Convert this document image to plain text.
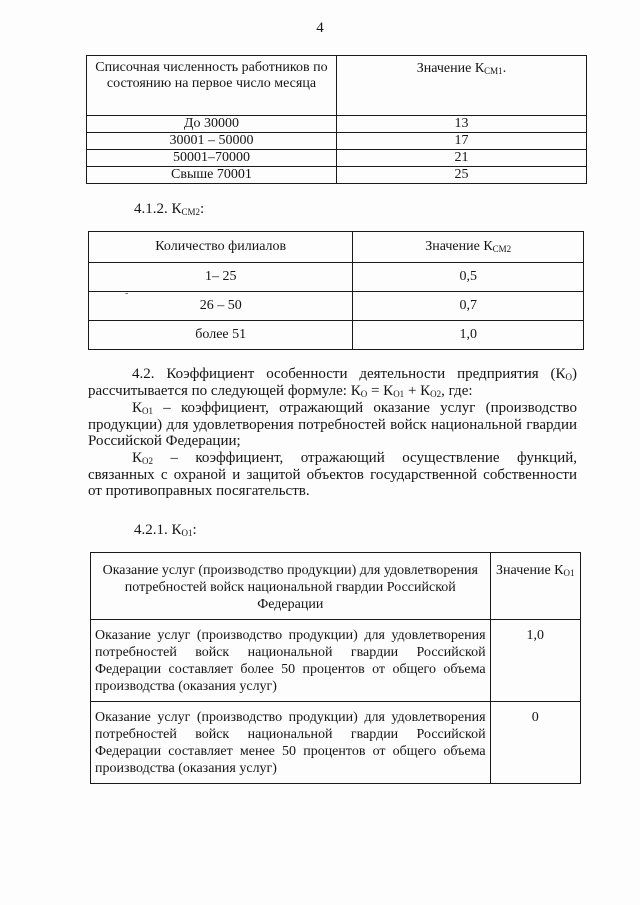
4
Списочная численность работников по состоянию на первое число месяца	Значение $К_{СМ1}$.
До 30000	13
30001 – 50000	17
50001–70000	21
Свыше 70001	25
4.1.2. $К_{СМ2}$:
Количество филиалов	Значение $К_{СМ2}$
1– 25	0,5
26 – 50	0,7
более 51	1,0
-

4.2. Коэффициент особенности деятельности предприятия $(К_О)$ рассчитывается по следующей формуле: $К_О = К_{О1} + К_{О2}$, где:

$К_{О1}$ – коэффициент, отражающий оказание услуг (производство продукции) для удовлетворения потребностей войск национальной гвардии Российской Федерации;

$К_{О2}$ – коэффициент, отражающий осуществление функций, связанных с охраной и защитой объектов государственной собственности от противоправных посягательств.

4.2.1. $К_{О1}$:
Оказание услуг (производство продукции) для удовлетворения потребностей войск национальной гвардии Российской Федерации	Значение $К_{О1}$
Оказание услуг (производство продукции) для удовлетворения потребностей войск национальной гвардии Российской Федерации составляет более 50 процентов от общего объема производства (оказания услуг)	1,0
Оказание услуг (производство продукции) для удовлетворения потребностей войск национальной гвардии Российской Федерации составляет менее 50 процентов от общего объема производства (оказания услуг)	0
